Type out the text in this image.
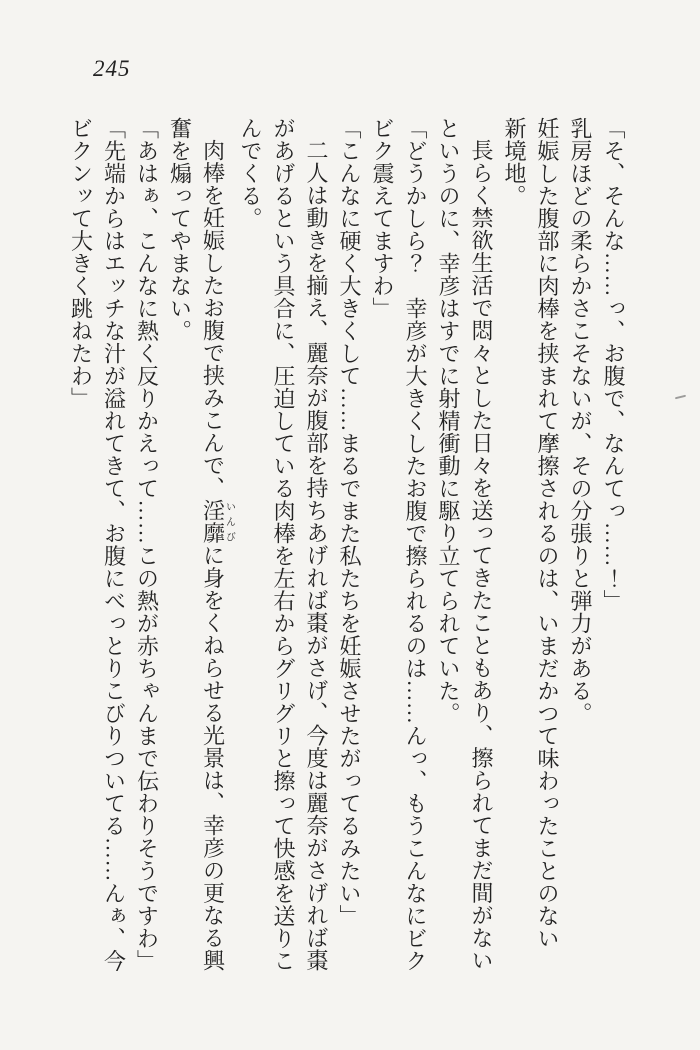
245

「そ、そんな……っ、お腹で、なんてっ……！」

乳房ほどの柔らかさこそないが、その分張りと弾力がある。

妊娠した腹部に肉棒を挟まれて摩擦されるのは、いまだかつて味わったことのない

新境地。

長らく禁欲生活で悶々とした日々を送ってきたこともあり、擦られてまだ間がない

というのに、幸彦はすでに射精衝動に駆り立てられていた。

「どうかしら？　幸彦が大きくしたお腹で擦られるのは……んっ、もうこんなにビク

ビク震えてますわ」

「こんなに硬く大きくして……まるでまた私たちを妊娠させたがってるみたい」

二人は動きを揃え、麗奈が腹部を持ちあげれば棗がさげ、今度は麗奈がさげれば棗

があげるという具合に、圧迫している肉棒を左右からグリグリと擦って快感を送りこ

んでくる。

肉棒を妊娠したお腹で挟みこんで、淫靡いんびに身をくねらせる光景は、幸彦の更なる興

奮を煽ってやまない。

「あはぁ、こんなに熱く反りかえって……この熱が赤ちゃんまで伝わりそうですわ」

「先端からはエッチな汁が溢れてきて、お腹にべっとりこびりついてる……んぁ、今

ビクンッて大きく跳ねたわ」
